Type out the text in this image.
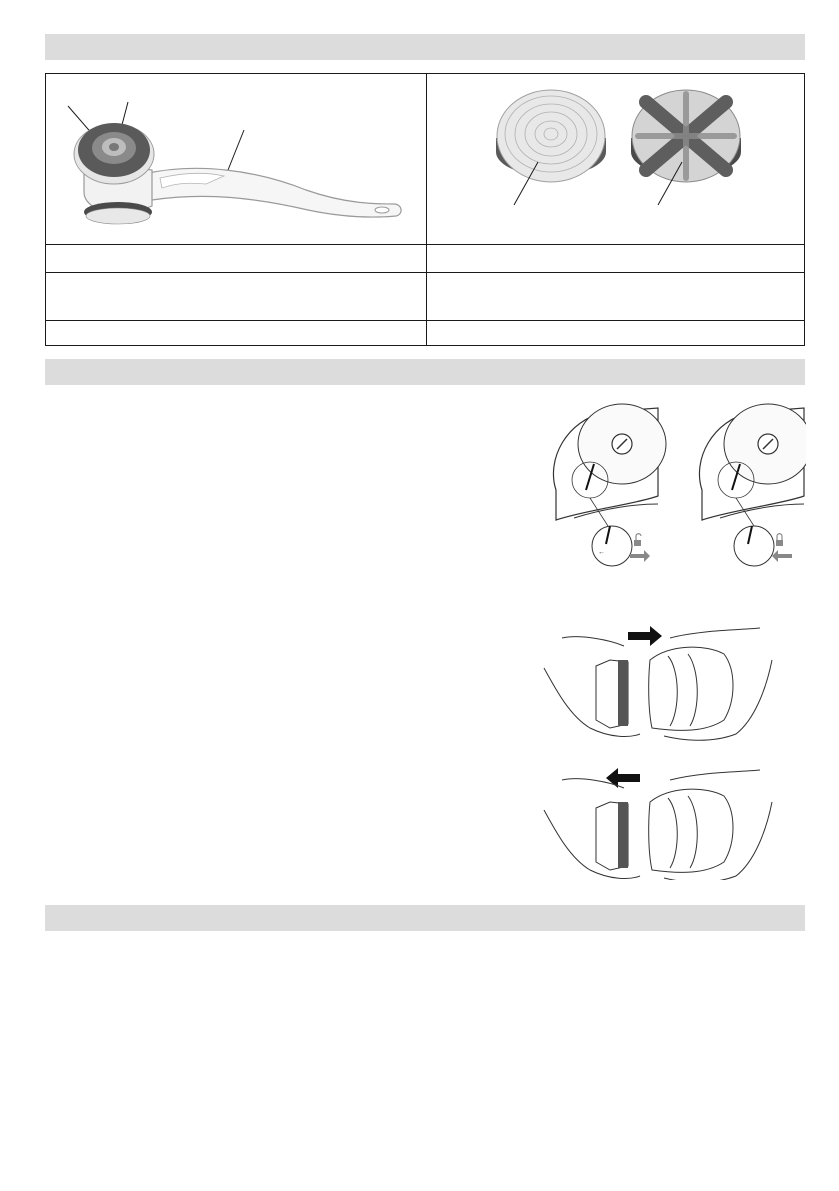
←
